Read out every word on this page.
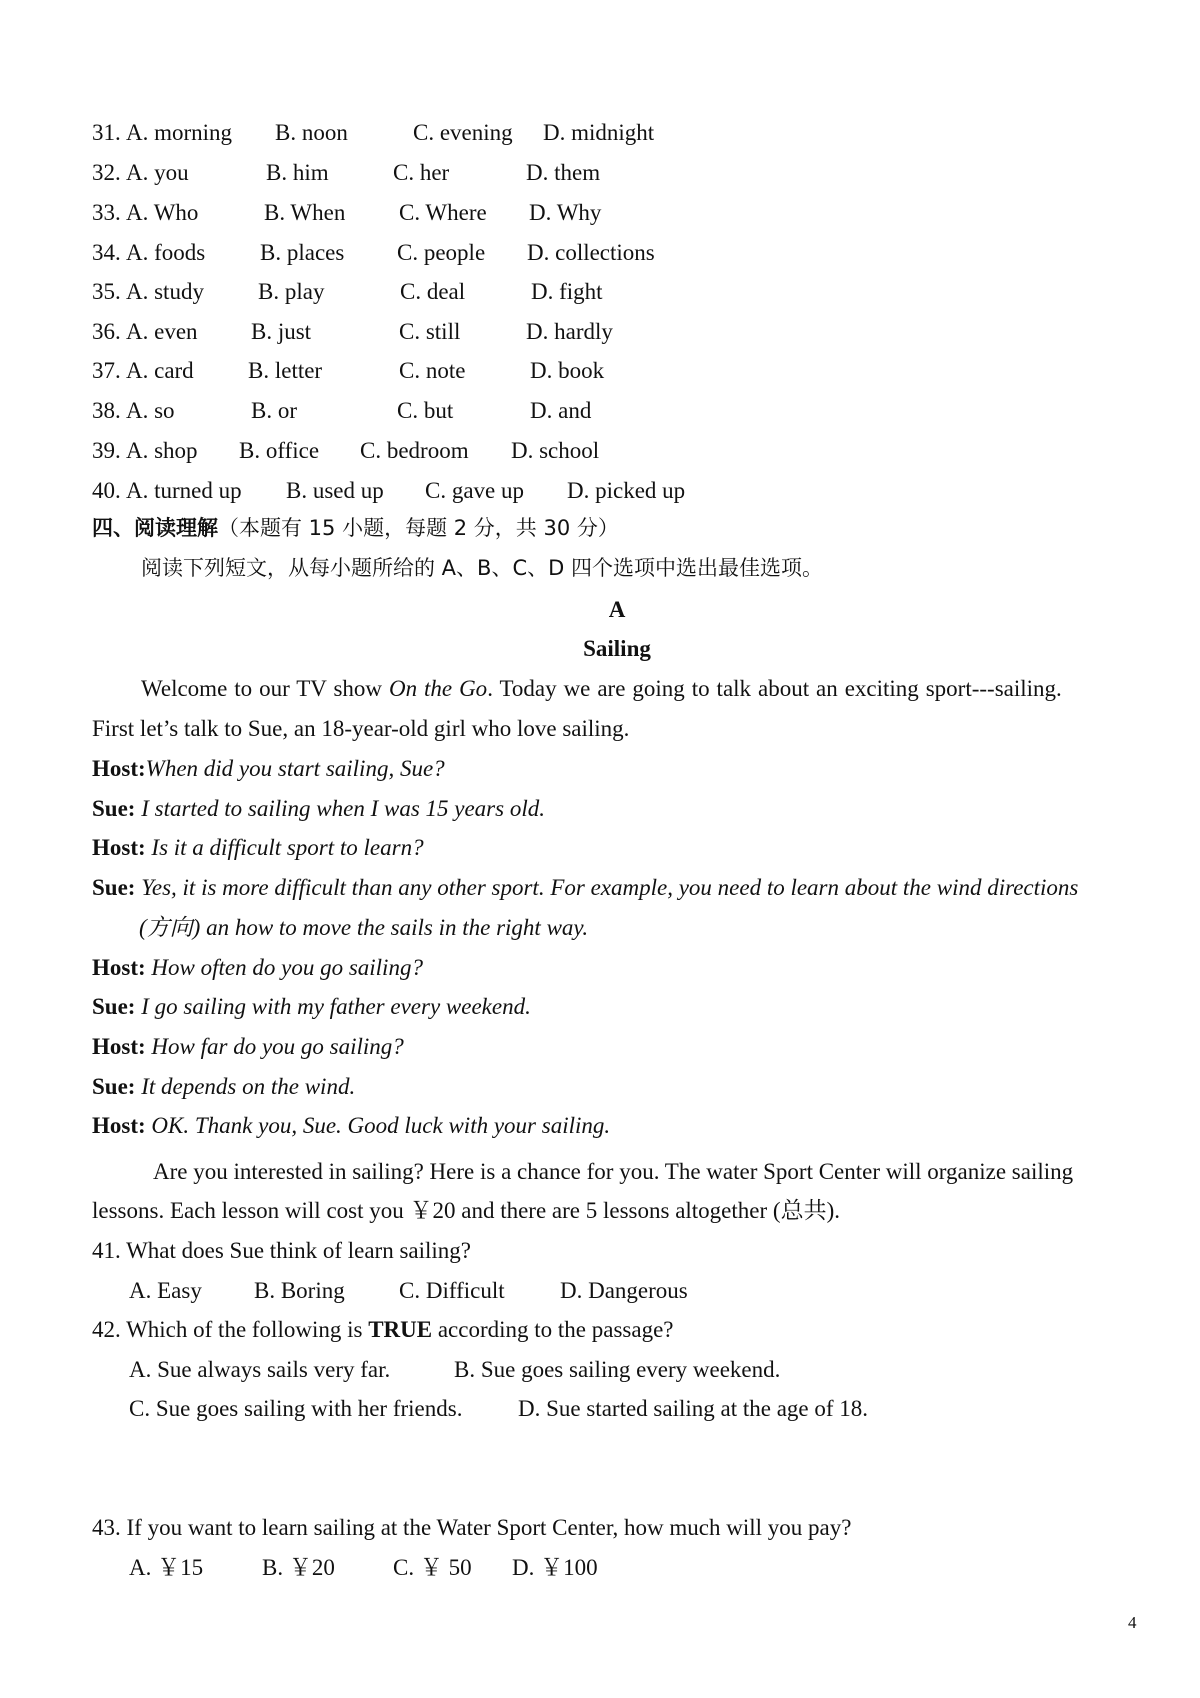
31. A. morning B. noon	C. evening D. midnight
32. A. you	B. him	C. her	D. them
33. A. Who	B. When C. Where D. Why
34. A. foods B. places C. people D. collections
35. A. study B. play	C. deal	D. fight
36. A. even B. just	C. still	D. hardly
37. A. card B. letter	C. note	D. book
38. A. so	B. or	C. but	D. and
39. A. shop B. office C. bedroom D. school
40. A. turned up B. used up C. gave up D. picked up
四、阅读理解（本题有 15 小题，每题 2 分，共 30 分）
阅读下列短文，从每小题所给的 A、B、C、D 四个选项中选出最佳选项。
A
Sailing
Welcome to our TV show On the Go. Today we are going to talk about an exciting sport---sailing.
First let’s talk to Sue, an 18-year-old girl who love sailing.
Host:When did you start sailing, Sue?
Sue: I started to sailing when I was 15 years old.
Host: Is it a difficult sport to learn?
Sue: Yes, it is more difficult than any other sport. For example, you need to learn about the wind directions
(方向) an how to move the sails in the right way.
Host: How often do you go sailing?
Sue: I go sailing with my father every weekend.
Host: How far do you go sailing?
Sue: It depends on the wind.
Host: OK. Thank you, Sue. Good luck with your sailing.
Are you interested in sailing? Here is a chance for you. The water Sport Center will organize sailing
lessons. Each lesson will cost you ￥20 and there are 5 lessons altogether (总共).
41. What does Sue think of learn sailing?
A. Easy B. Boring C. Difficult D. Dangerous
42. Which of the following is TRUE according to the passage?
A. Sue always sails very far.	B. Sue goes sailing every weekend.
C. Sue goes sailing with her friends. D. Sue started sailing at the age of 18.
43. If you want to learn sailing at the Water Sport Center, how much will you pay?
A. ￥15	B. ￥20	C. ￥ 50 D. ￥100
4
